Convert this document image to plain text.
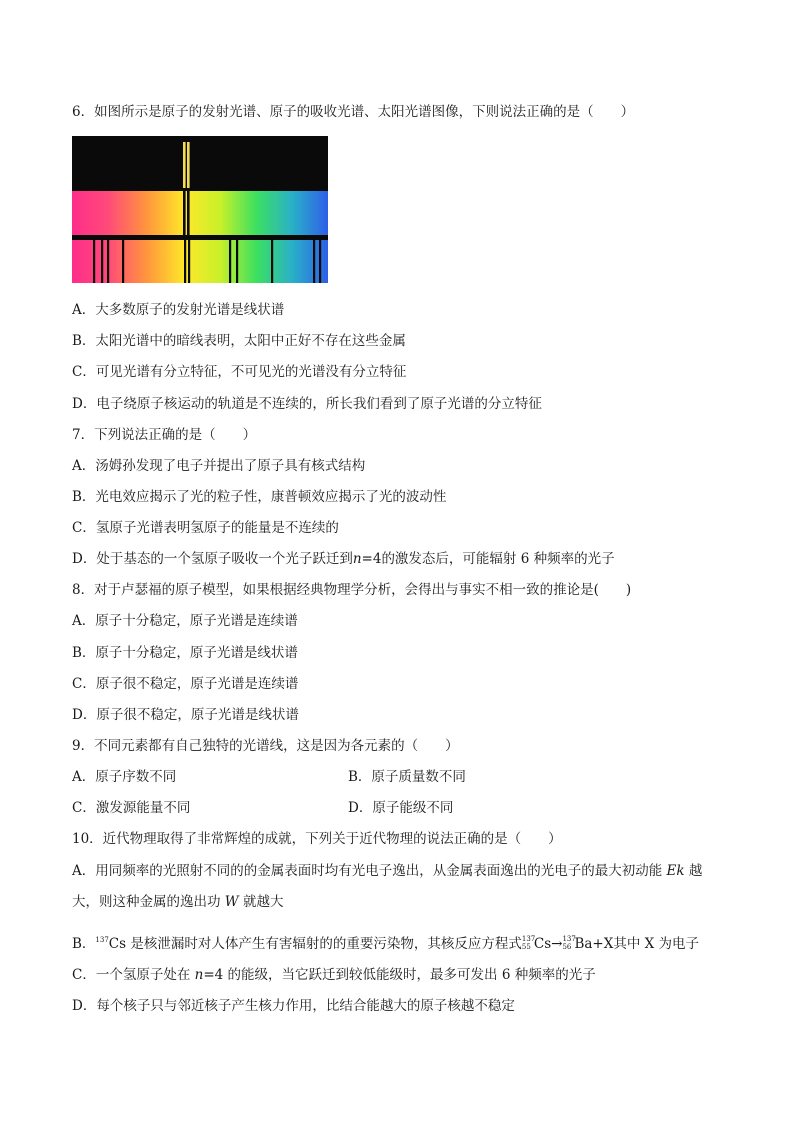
6．如图所示是原子的发射光谱、原子的吸收光谱、太阳光谱图像，下则说法正确的是（　　）
A．大多数原子的发射光谱是线状谱
B．太阳光谱中的暗线表明，太阳中正好不存在这些金属
C．可见光谱有分立特征，不可见光的光谱没有分立特征
D．电子绕原子核运动的轨道是不连续的，所长我们看到了原子光谱的分立特征
7．下列说法正确的是（　　）
A．汤姆孙发现了电子并提出了原子具有核式结构
B．光电效应揭示了光的粒子性，康普顿效应揭示了光的波动性
C．氢原子光谱表明氢原子的能量是不连续的
D．处于基态的一个氢原子吸收一个光子跃迁到n=4的激发态后，可能辐射 6 种频率的光子
8．对于卢瑟福的原子模型，如果根据经典物理学分析，会得出与事实不相一致的推论是(　　)
A．原子十分稳定，原子光谱是连续谱
B．原子十分稳定，原子光谱是线状谱
C．原子很不稳定，原子光谱是连续谱
D．原子很不稳定，原子光谱是线状谱
9．不同元素都有自己独特的光谱线，这是因为各元素的（　　）
A．原子序数不同	B．原子质量数不同
C．激发源能量不同	D．原子能级不同
10．近代物理取得了非常辉煌的成就，下列关于近代物理的说法正确的是（　　）
A．用同频率的光照射不同的的金属表面时均有光电子逸出，从金属表面逸出的光电子的最大初动能 Ek 越
大，则这种金属的逸出功 W 就越大
B．$^{137}$Cs 是核泄漏时对人体产生有害辐射的的重要污染物，其核反应方程式 137
55 Cs→ 137
56 Ba+X其中 X 为电子
C．一个氢原子处在 n=4 的能级，当它跃迁到较低能级时，最多可发出 6 种频率的光子
D．每个核子只与邻近核子产生核力作用，比结合能越大的原子核越不稳定
